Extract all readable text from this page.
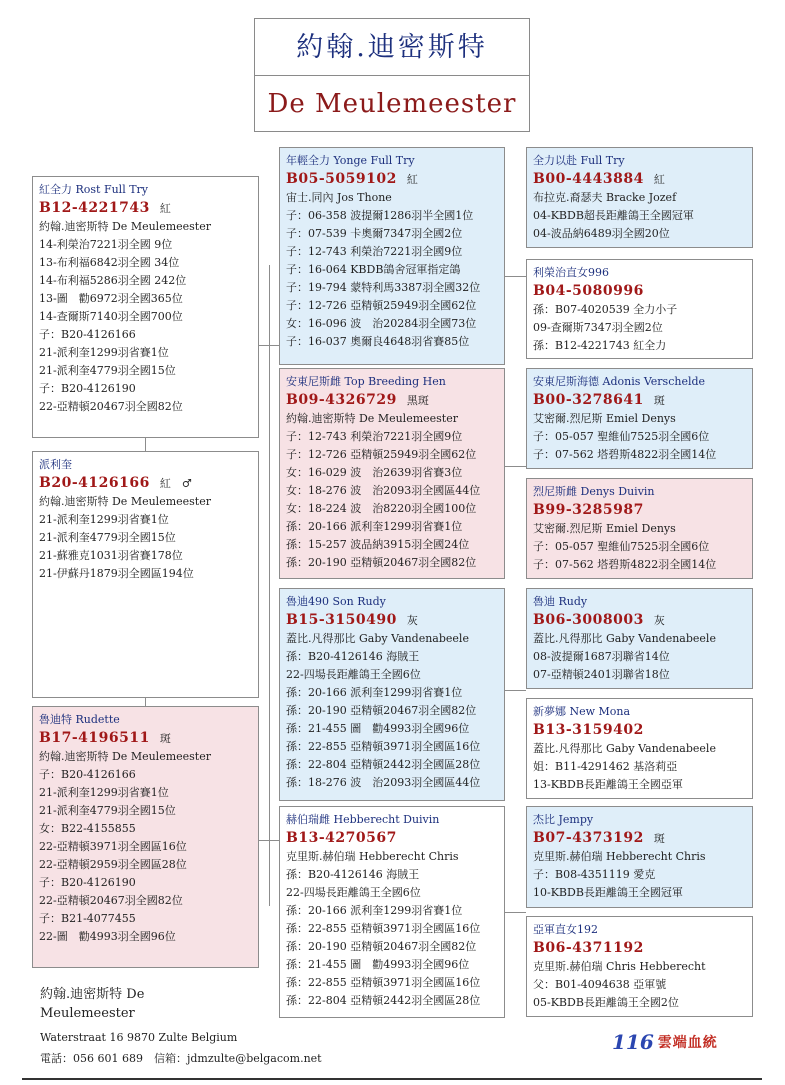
約翰.迪密斯特
De Meulemeester
紅全力 Rost Full Try
B12-4221743 紅
約翰.迪密斯特 De Meulemeester
14-利榮治7221羽全國 9位
13-布利福6842羽全國 34位
14-布利福5286羽全國 242位
13-圖　勸6972羽全國365位
14-查爾斯7140羽全國700位
子：B20-4126166
21-派利奎1299羽省賽1位
21-派利奎4779羽全國15位
子：B20-4126190
22-亞精頓20467羽全國82位
派利奎
B20-4126166 紅　♂
約翰.迪密斯特 De Meulemeester
21-派利奎1299羽省賽1位
21-派利奎4779羽全國15位
21-蘇雅克1031羽省賽178位
21-伊蘇丹1879羽全國區194位
魯迪特 Rudette
B17-4196511 斑
約翰.迪密斯特 De Meulemeester
子：B20-4126166
21-派利奎1299羽省賽1位
21-派利奎4779羽全國15位
女：B22-4155855
22-亞精頓3971羽全國區16位
22-亞精頓2959羽全國區28位
子：B20-4126190
22-亞精頓20467羽全國82位
子：B21-4077455
22-圖　勸4993羽全國96位
年輕全力 Yonge Full Try
B05-5059102 紅
宙士.同內 Jos Thone
子：06-358 波提爾1286羽半全國1位
子：07-539 卡奧爾7347羽全國2位
子：12-743 利榮治7221羽全國9位
子：16-064 KBDB鴿舍冠軍指定鴿
子：19-794 蒙特利馬3387羽全國32位
子：12-726 亞精頓25949羽全國62位
女：16-096 波　治20284羽全國73位
子：16-037 奧爾良4648羽省賽85位
安東尼斯雌 Top Breeding Hen
B09-4326729 黑斑
約翰.迪密斯特 De Meulemeester
子：12-743 利榮治7221羽全國9位
子：12-726 亞精頓25949羽全國62位
女：16-029 波　治2639羽省賽3位
女：18-276 波　治2093羽全國區44位
女：18-224 波　治8220羽全國100位
孫：20-166 派利奎1299羽省賽1位
孫：15-257 波品納3915羽全國24位
孫：20-190 亞精頓20467羽全國82位
魯迪490 Son Rudy
B15-3150490 灰
蓋比.凡得那比 Gaby Vandenabeele
孫：B20-4126146 海賊王
22-四場長距離鴿王全國6位
孫：20-166 派利奎1299羽省賽1位
孫：20-190 亞精頓20467羽全國82位
孫：21-455 圖　勸4993羽全國96位
孫：22-855 亞精頓3971羽全國區16位
孫：22-804 亞精頓2442羽全國區28位
孫：18-276 波　治2093羽全國區44位
赫伯瑞雌 Hebberecht Duivin
B13-4270567
克里斯.赫伯瑞 Hebberecht Chris
孫：B20-4126146 海賊王
22-四場長距離鴿王全國6位
孫：20-166 派利奎1299羽省賽1位
孫：22-855 亞精頓3971羽全國區16位
孫：20-190 亞精頓20467羽全國82位
孫：21-455 圖　勸4993羽全國96位
孫：22-855 亞精頓3971羽全國區16位
孫：22-804 亞精頓2442羽全國區28位
全力以赴 Full Try
B00-4443884 紅
布拉克.裔瑟夫 Bracke Jozef
04-KBDB超長距離鴿王全國冠軍
04-波品納6489羽全國20位
利榮治直女996
B04-5080996
孫：B07-4020539 全力小子
09-查爾斯7347羽全國2位
孫：B12-4221743 紅全力
安東尼斯海德 Adonis Verschelde
B00-3278641 斑
艾密爾.烈尼斯 Emiel Denys
子：05-057 聖維仙7525羽全國6位
子：07-562 塔碧斯4822羽全國14位
烈尼斯雌 Denys Duivin
B99-3285987
艾密爾.烈尼斯 Emiel Denys
子：05-057 聖維仙7525羽全國6位
子：07-562 塔碧斯4822羽全國14位
魯迪 Rudy
B06-3008003 灰
蓋比.凡得那比 Gaby Vandenabeele
08-波提爾1687羽聯省14位
07-亞精頓2401羽聯省18位
新夢娜 New Mona
B13-3159402
蓋比.凡得那比 Gaby Vandenabeele
姐：B11-4291462 基洛莉亞
13-KBDB長距離鴿王全國亞軍
杰比 Jempy
B07-4373192 斑
克里斯.赫伯瑞 Hebberecht Chris
子：B08-4351119 愛克
10-KBDB長距離鴿王全國冠軍
亞軍直女192
B06-4371192
克里斯.赫伯瑞 Chris Hebberecht
父：B01-4094638 亞軍號
05-KBDB長距離鴿王全國2位
約翰.迪密斯特 De
Meulemeester
Waterstraat 16 9870 Zulte Belgium
電話：056 601 689　信箱：jdmzulte@belgacom.net
116 雲端血統
